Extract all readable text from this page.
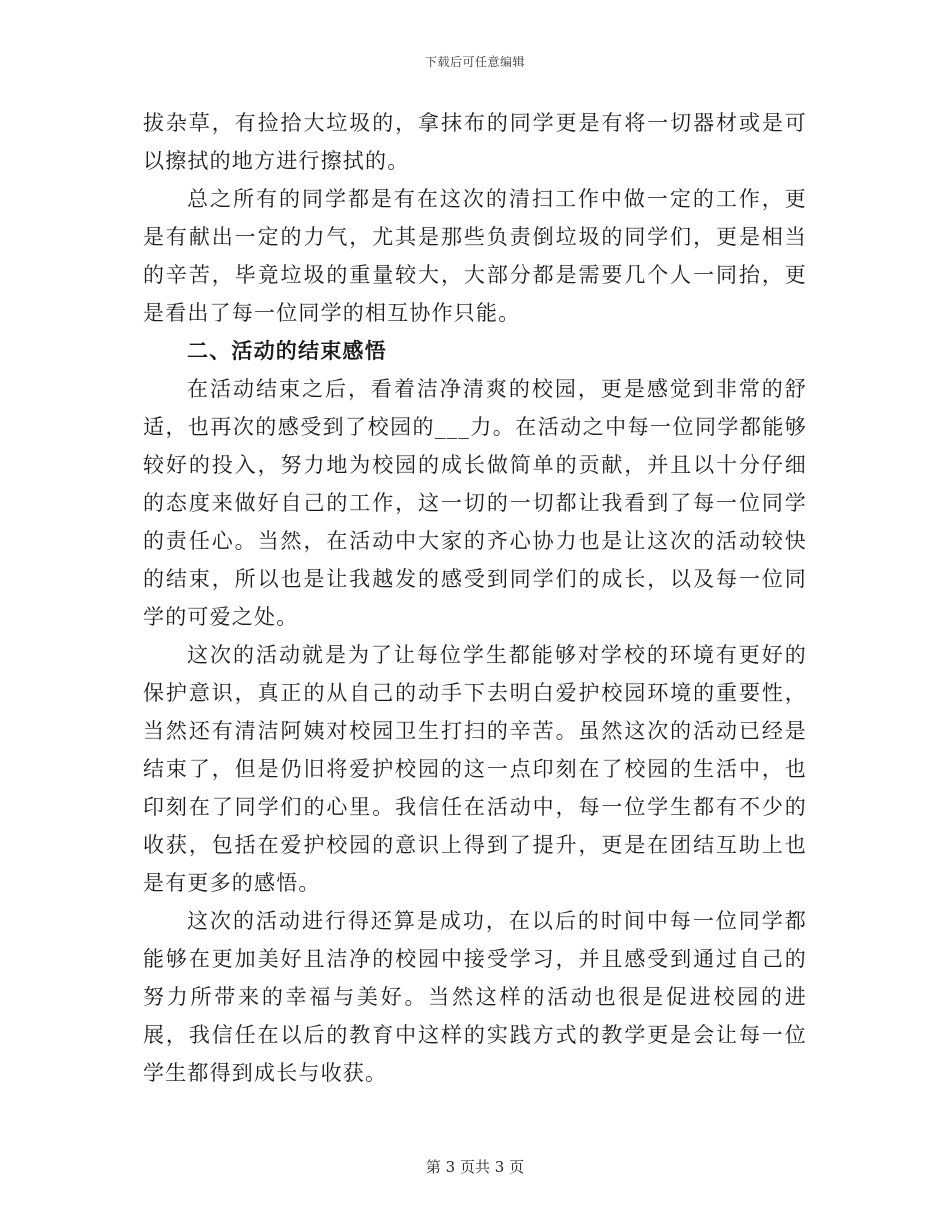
下载后可任意编辑

拔杂草，有捡拾大垃圾的，拿抹布的同学更是有将一切器材或是可以擦拭的地方进行擦拭的。

总之所有的同学都是有在这次的清扫工作中做一定的工作，更是有献出一定的力气，尤其是那些负责倒垃圾的同学们，更是相当的辛苦，毕竟垃圾的重量较大，大部分都是需要几个人一同抬，更是看出了每一位同学的相互协作只能。

二、活动的结束感悟

在活动结束之后，看着洁净清爽的校园，更是感觉到非常的舒适，也再次的感受到了校园的___力。在活动之中每一位同学都能够较好的投入，努力地为校园的成长做简单的贡献，并且以十分仔细的态度来做好自己的工作，这一切的一切都让我看到了每一位同学的责任心。当然，在活动中大家的齐心协力也是让这次的活动较快的结束，所以也是让我越发的感受到同学们的成长，以及每一位同学的可爱之处。

这次的活动就是为了让每位学生都能够对学校的环境有更好的保护意识，真正的从自己的动手下去明白爱护校园环境的重要性，当然还有清洁阿姨对校园卫生打扫的辛苦。虽然这次的活动已经是结束了，但是仍旧将爱护校园的这一点印刻在了校园的生活中，也印刻在了同学们的心里。我信任在活动中，每一位学生都有不少的收获，包括在爱护校园的意识上得到了提升，更是在团结互助上也是有更多的感悟。

这次的活动进行得还算是成功，在以后的时间中每一位同学都能够在更加美好且洁净的校园中接受学习，并且感受到通过自己的努力所带来的幸福与美好。当然这样的活动也很是促进校园的进展，我信任在以后的教育中这样的实践方式的教学更是会让每一位学生都得到成长与收获。

第 3 页共 3 页
